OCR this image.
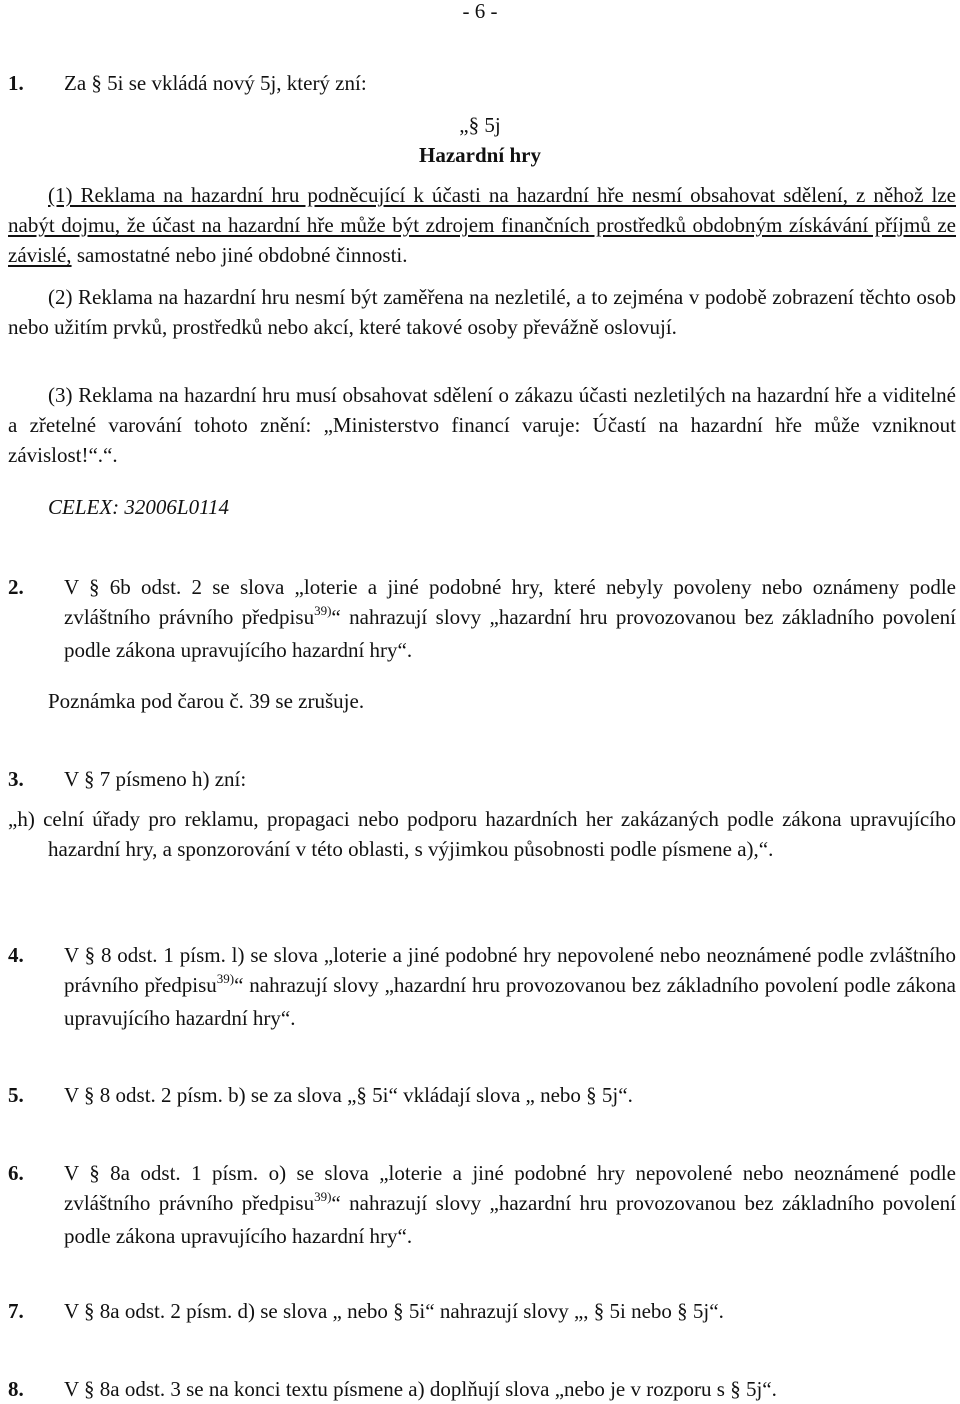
- 6 -
1. Za § 5i se vkládá nový 5j, který zní:
„§ 5j
Hazardní hry
(1) Reklama na hazardní hru podněcující k účasti na hazardní hře nesmí obsahovat sdělení, z něhož lze nabýt dojmu, že účast na hazardní hře může být zdrojem finančních prostředků obdobným získávání příjmů ze závislé, samostatné nebo jiné obdobné činnosti.
(2) Reklama na hazardní hru nesmí být zaměřena na nezletilé, a to zejména v podobě zobrazení těchto osob nebo užitím prvků, prostředků nebo akcí, které takové osoby převážně oslovují.
(3) Reklama na hazardní hru musí obsahovat sdělení o zákazu účasti nezletilých na hazardní hře a viditelné a zřetelné varování tohoto znění: „Ministerstvo financí varuje: Účastí na hazardní hře může vzniknout závislost!“.“.
CELEX: 32006L0114
2. V § 6b odst. 2 se slova „loterie a jiné podobné hry, které nebyly povoleny nebo oznámeny podle zvláštního právního předpisu$^{39)}$“ nahrazují slovy „hazardní hru provozovanou bez základního povolení podle zákona upravujícího hazardní hry“.
Poznámka pod čarou č. 39 se zrušuje.
3. V § 7 písmeno h) zní:
„h) celní úřady pro reklamu, propagaci nebo podporu hazardních her zakázaných podle zákona upravujícího hazardní hry, a sponzorování v této oblasti, s výjimkou působnosti podle písmene a),“.
4. V § 8 odst. 1 písm. l) se slova „loterie a jiné podobné hry nepovolené nebo neoznámené podle zvláštního právního předpisu$^{39)}$“ nahrazují slovy „hazardní hru provozovanou bez základního povolení podle zákona upravujícího hazardní hry“.
5. V § 8 odst. 2 písm. b) se za slova „§ 5i“ vkládají slova „ nebo § 5j“.
6. V § 8a odst. 1 písm. o) se slova „loterie a jiné podobné hry nepovolené nebo neoznámené podle zvláštního právního předpisu$^{39)}$“ nahrazují slovy „hazardní hru provozovanou bez základního povolení podle zákona upravujícího hazardní hry“.
7. V § 8a odst. 2 písm. d) se slova „ nebo § 5i“ nahrazují slovy „, § 5i nebo § 5j“.
8. V § 8a odst. 3 se na konci textu písmene a) doplňují slova „nebo je v rozporu s § 5j“.
